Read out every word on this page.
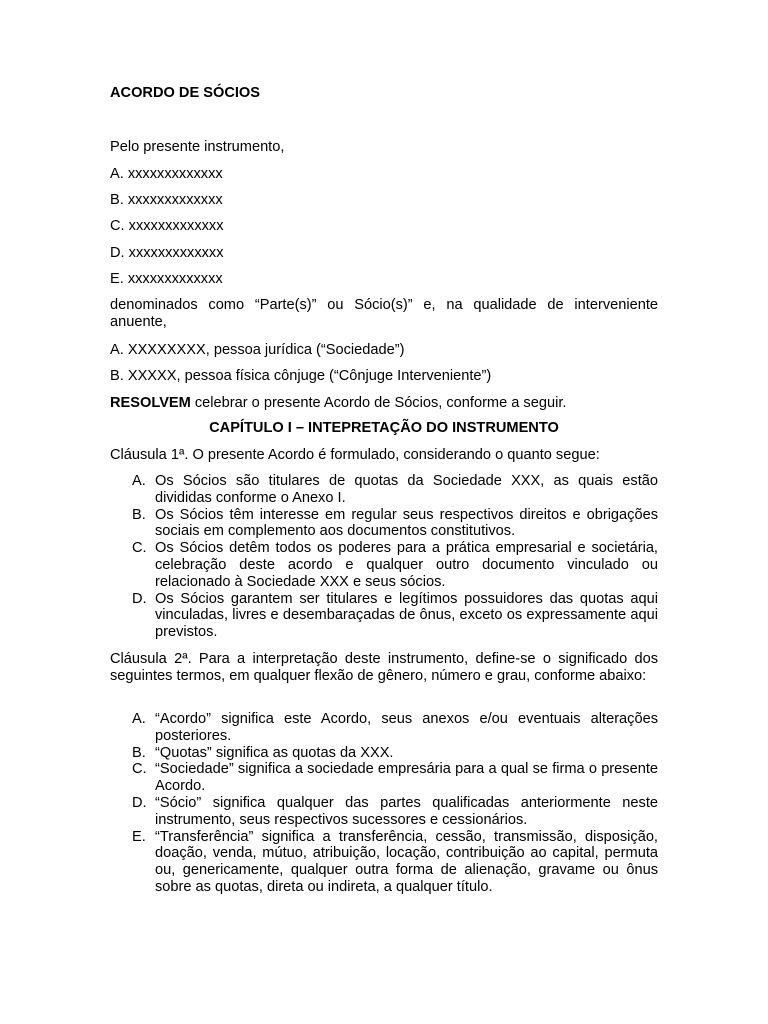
ACORDO DE SÓCIOS
Pelo presente instrumento,
A. xxxxxxxxxxxxx
B. xxxxxxxxxxxxx
C. xxxxxxxxxxxxx
D. xxxxxxxxxxxxx
E. xxxxxxxxxxxxx
denominados como “Parte(s)” ou Sócio(s)” e, na qualidade de interveniente anuente,
A. XXXXXXXX, pessoa jurídica (“Sociedade”)
B. XXXXX, pessoa física cônjuge (“Cônjuge Interveniente”)
RESOLVEM celebrar o presente Acordo de Sócios, conforme a seguir.
CAPÍTULO I – INTEPRETAÇÃO DO INSTRUMENTO
Cláusula 1ª. O presente Acordo é formulado, considerando o quanto segue:
A. Os Sócios são titulares de quotas da Sociedade XXX, as quais estão divididas conforme o Anexo I.
B. Os Sócios têm interesse em regular seus respectivos direitos e obrigações sociais em complemento aos documentos constitutivos.
C. Os Sócios detêm todos os poderes para a prática empresarial e societária, celebração deste acordo e qualquer outro documento vinculado ou relacionado à Sociedade XXX e seus sócios.
D. Os Sócios garantem ser titulares e legítimos possuidores das quotas aqui vinculadas, livres e desembaraçadas de ônus, exceto os expressamente aqui previstos.
Cláusula 2ª. Para a interpretação deste instrumento, define-se o significado dos seguintes termos, em qualquer flexão de gênero, número e grau, conforme abaixo:
A. “Acordo” significa este Acordo, seus anexos e/ou eventuais alterações posteriores.
B. “Quotas” significa as quotas da XXX.
C. “Sociedade” significa a sociedade empresária para a qual se firma o presente Acordo.
D. “Sócio” significa qualquer das partes qualificadas anteriormente neste instrumento, seus respectivos sucessores e cessionários.
E. “Transferência” significa a transferência, cessão, transmissão, disposição, doação, venda, mútuo, atribuição, locação, contribuição ao capital, permuta ou, genericamente, qualquer outra forma de alienação, gravame ou ônus sobre as quotas, direta ou indireta, a qualquer título.
